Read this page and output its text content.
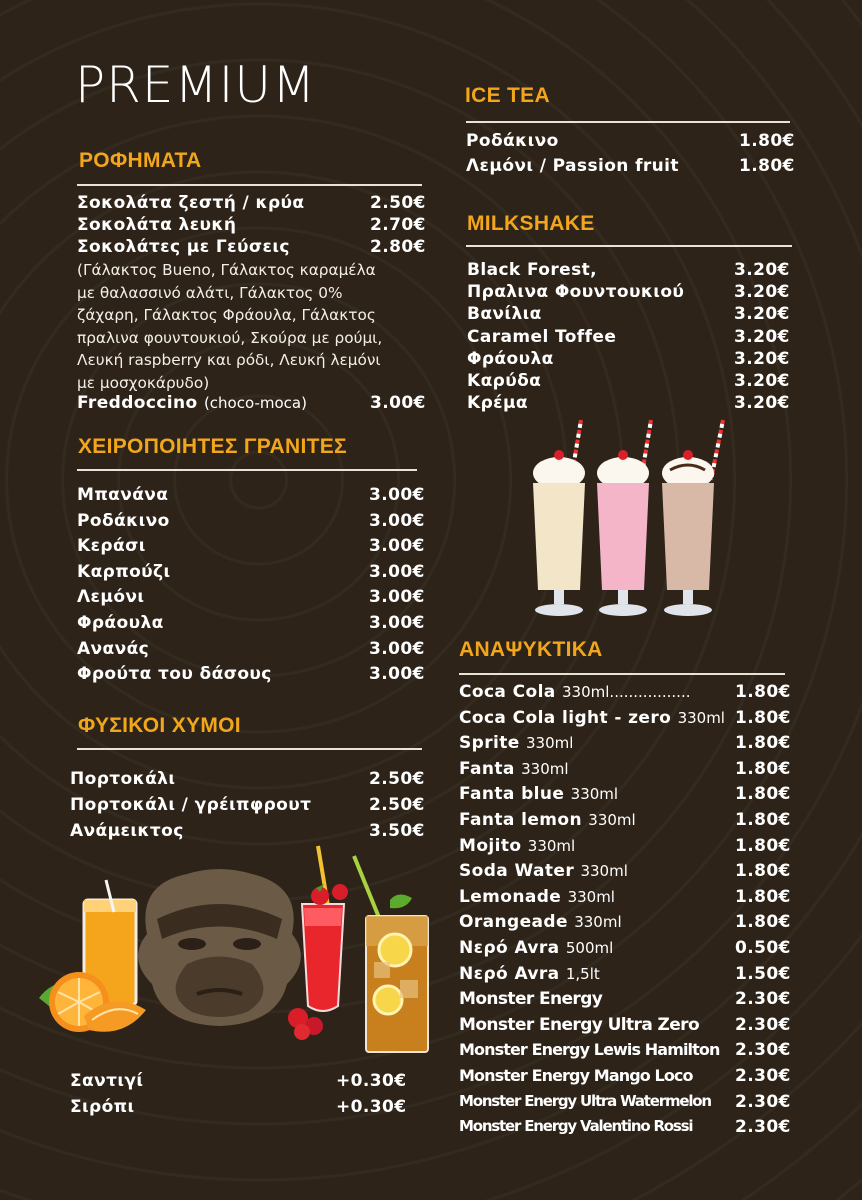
PREMIUM
ΡΟΦΗΜΑΤΑ
Σοκολάτα ζεστή / κρύα	2.50€
Σοκολάτα λευκή	2.70€
Σοκολάτες με Γεύσεις	2.80€
(Γάλακτος Bueno, Γάλακτος καραμέλα
με θαλασσινό αλάτι, Γάλακτος 0%
ζάχαρη, Γάλακτος Φράουλα, Γάλακτος
πραλινα φουντουκιού, Σκούρα με ρούμι,
Λευκή raspberry και ρόδι, Λευκή λεμόνι
με μοσχοκάρυδο)
Freddoccino (choco-moca)	3.00€
ΧΕΙΡΟΠΟΙΗΤΕΣ ΓΡΑΝΙΤΕΣ
Μπανάνα	3.00€
Ροδάκινο	3.00€
Κεράσι	3.00€
Καρπούζι	3.00€
Λεμόνι	3.00€
Φράουλα	3.00€
Ανανάς	3.00€
Φρούτα του δάσους	3.00€
ΦΥΣΙΚΟΙ ΧΥΜΟΙ
Πορτοκάλι	2.50€
Πορτοκάλι / γρέιπφρουτ	2.50€
Ανάμεικτος	3.50€
Σαντιγί	+0.30€
Σιρόπι	+0.30€
ICE TEA
Ροδάκινο	1.80€
Λεμόνι / Passion fruit	1.80€
MILKSHAKE
Black Forest,	3.20€
Πραλινα Φουντουκιού	3.20€
Βανίλια	3.20€
Caramel Toffee	3.20€
Φράουλα	3.20€
Καρύδα	3.20€
Κρέμα	3.20€
ΑΝΑΨΥΚΤΙΚΑ
Coca Cola 330ml.................	1.80€
Coca Cola light - zero 330ml 1.80€
Sprite 330ml	1.80€
Fanta 330ml	1.80€
Fanta blue 330ml	1.80€
Fanta lemon 330ml	1.80€
Mojito 330ml	1.80€
Soda Water 330ml	1.80€
Lemonade 330ml	1.80€
Orangeade 330ml	1.80€
Νερό Avra 500ml	0.50€
Νερό Avra 1,5lt	1.50€
Monster Energy	2.30€
Monster Energy Ultra Zero 2.30€
Monster Energy Lewis Hamilton 2.30€
Monster Energy Mango Loco 2.30€
Monster Energy Ultra Watermelon 2.30€
Monster Energy Valentino Rossi	2.30€
